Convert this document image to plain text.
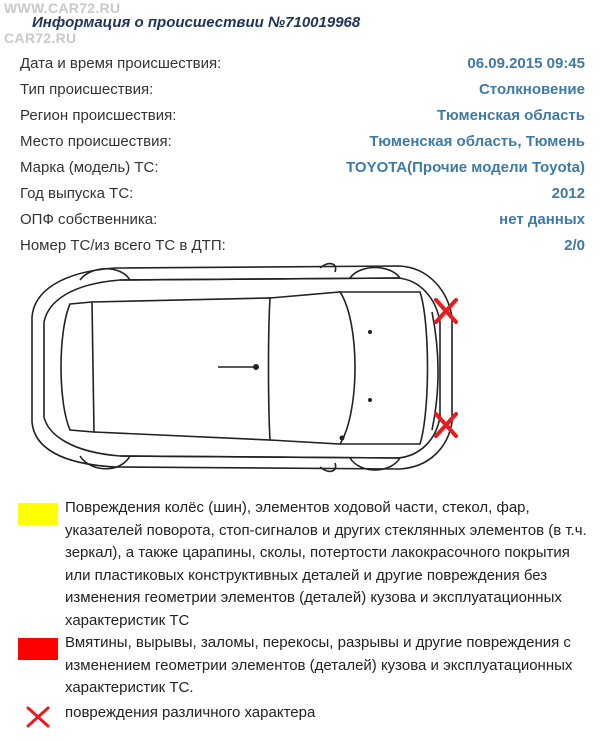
WWW.CAR72.RU
CAR72.RU
Информация о происшествии №710019968
Дата и время происшествия:	06.09.2015 09:45
Тип происшествия:	Столкновение
Регион происшествия:	Тюменская область
Место происшествия:	Тюменская область, Тюмень
Марка (модель) ТС:	TOYOTA(Прочие модели Toyota)
Год выпуска ТС:	2012
ОПФ собственника:	нет данных
Номер ТС/из всего ТС в ДТП:	2/0
Повреждения колёс (шин), элементов ходовой части, стекол, фар, указателей поворота, стоп-сигналов и других стеклянных элементов (в т.ч. зеркал), а также царапины, сколы, потертости лакокрасочного покрытия или пластиковых конструктивных деталей и другие повреждения без изменения геометрии элементов (деталей) кузова и эксплуатационных характеристик ТС
Вмятины, вырывы, заломы, перекосы, разрывы и другие повреждения с изменением геометрии элементов (деталей) кузова и эксплуатационных характеристик ТС.
повреждения различного характера
